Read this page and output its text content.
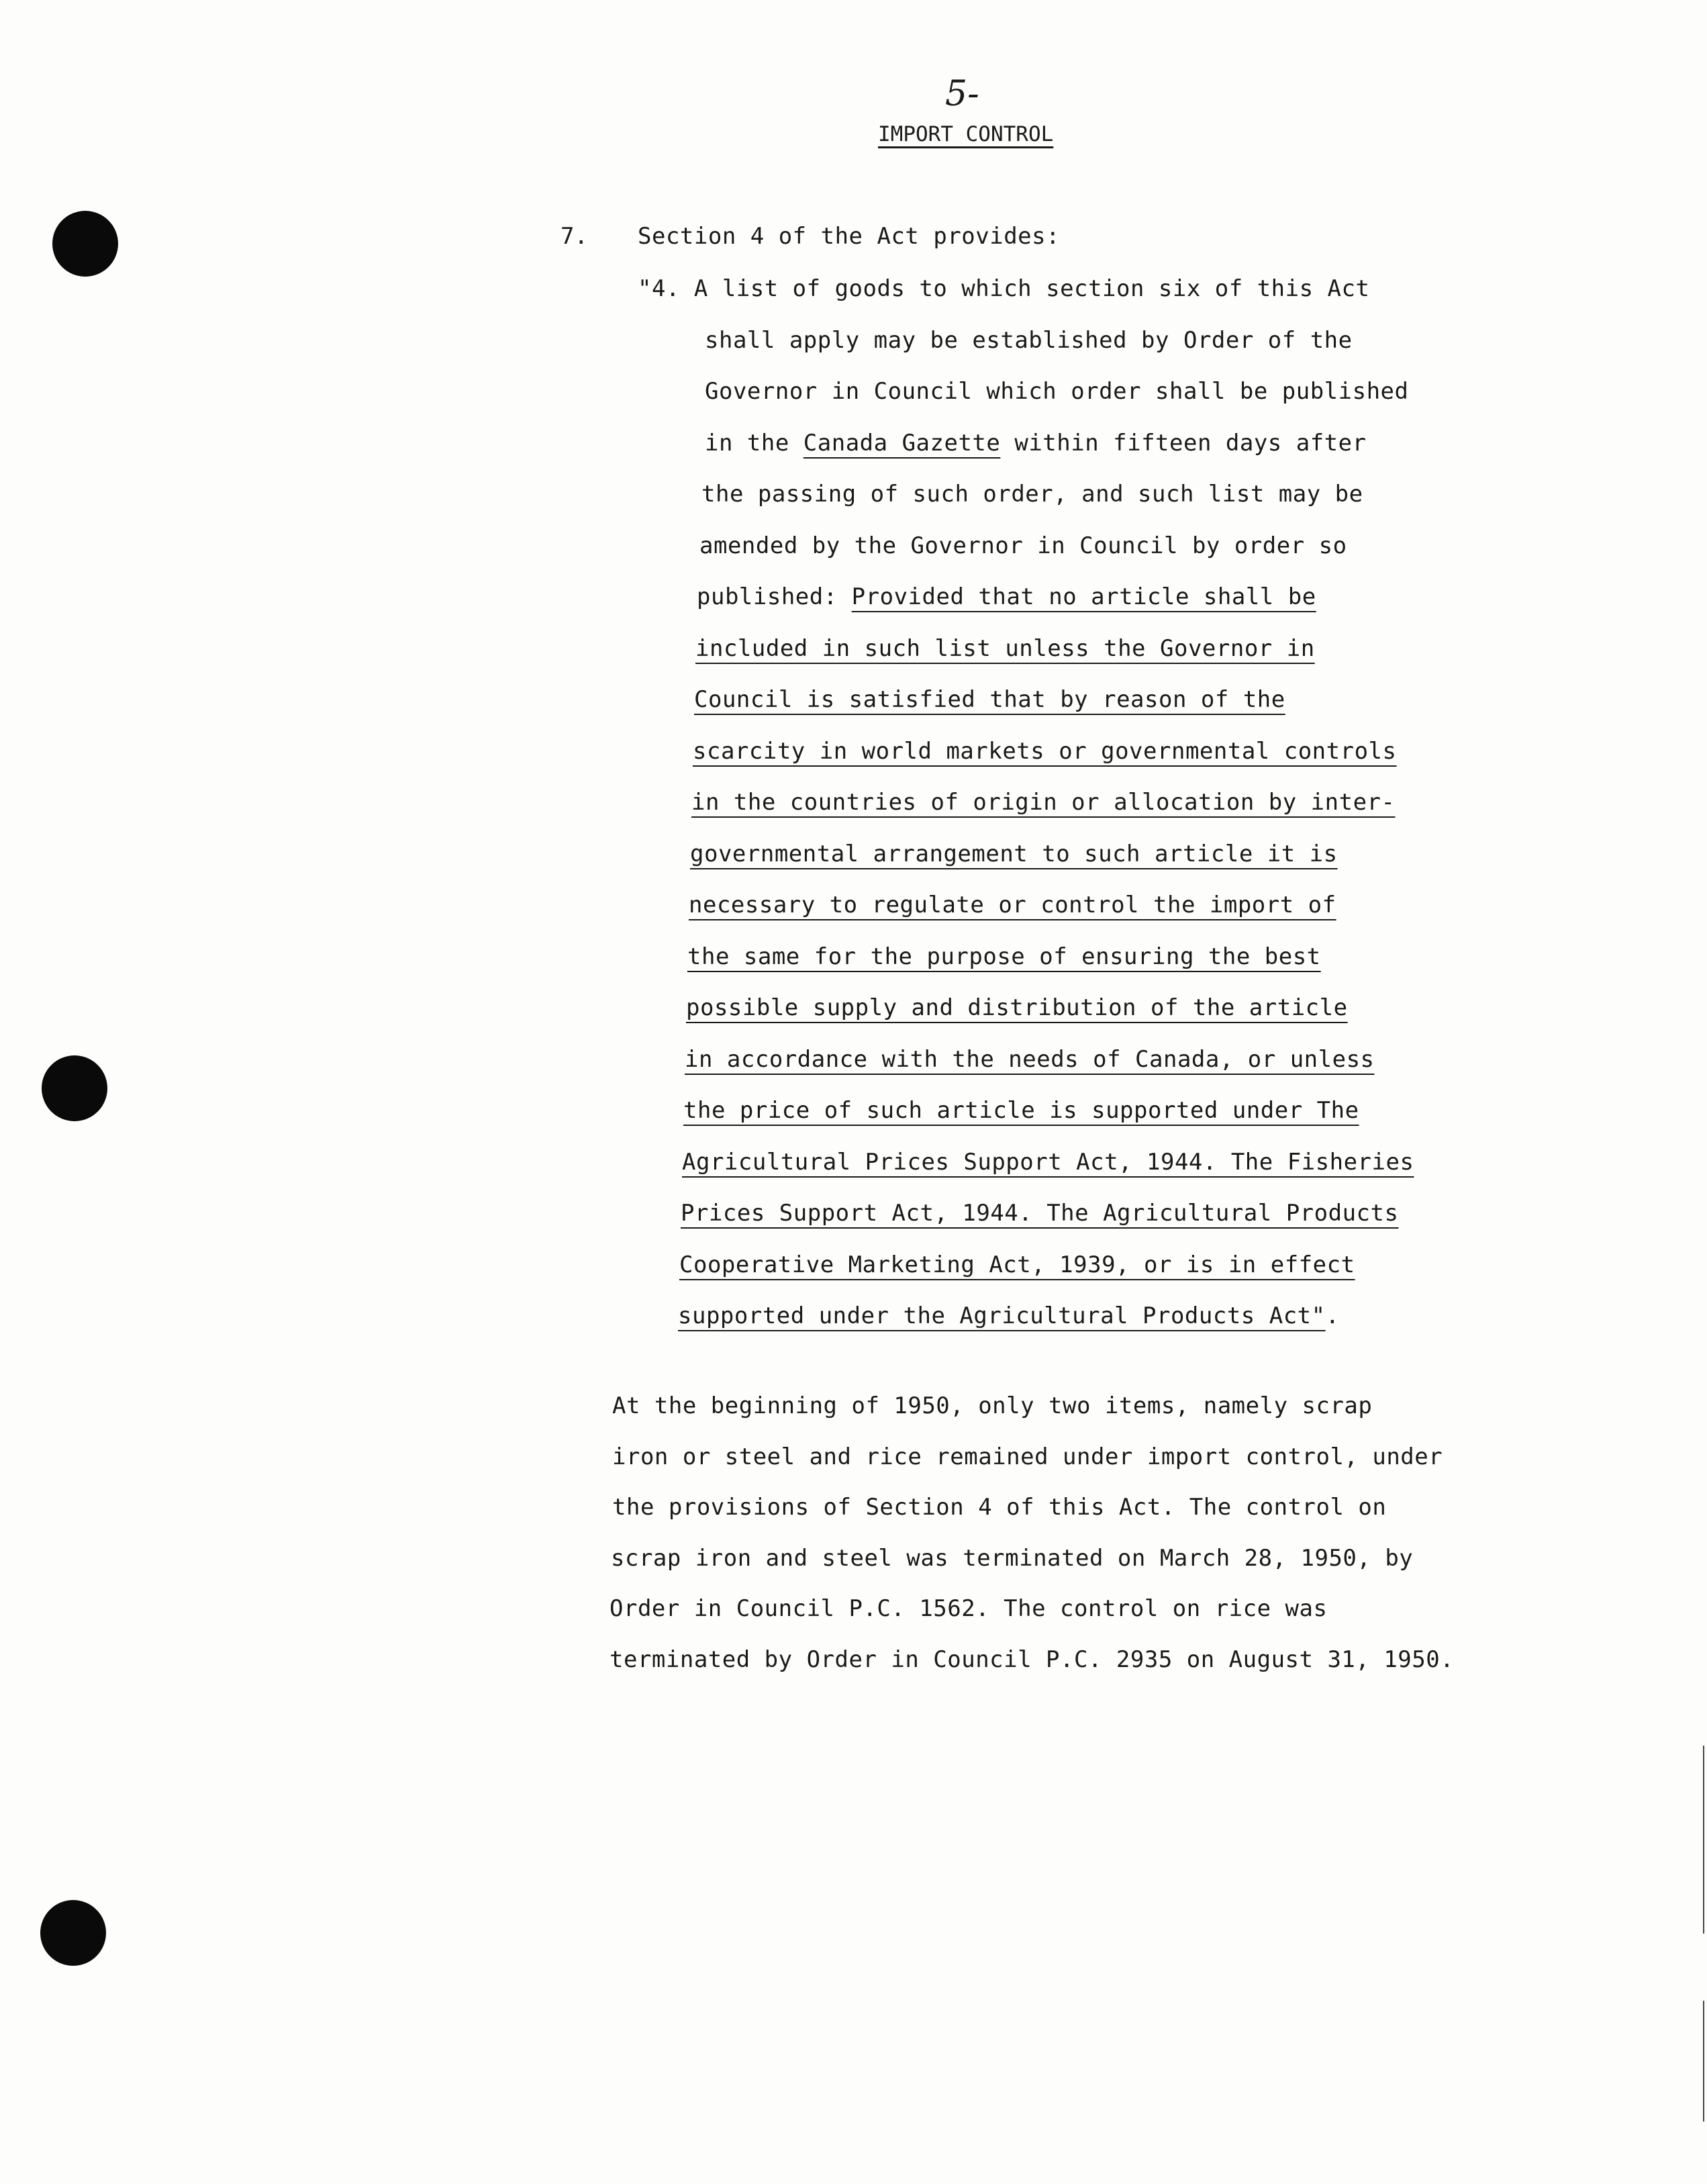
5-
IMPORT CONTROL
7. Section 4 of the Act provides:
"4. A list of goods to which section six of this Act
shall apply may be established by Order of the
Governor in Council which order shall be published
in the Canada Gazette within fifteen days after
the passing of such order, and such list may be
amended by the Governor in Council by order so
published: Provided that no article shall be
included in such list unless the Governor in
Council is satisfied that by reason of the
scarcity in world markets or governmental controls
in the countries of origin or allocation by inter-
governmental arrangement to such article it is
necessary to regulate or control the import of
the same for the purpose of ensuring the best
possible supply and distribution of the article
in accordance with the needs of Canada, or unless
the price of such article is supported under The
Agricultural Prices Support Act, 1944. The Fisheries
Prices Support Act, 1944. The Agricultural Products
Cooperative Marketing Act, 1939, or is in effect
supported under the Agricultural Products Act".
At the beginning of 1950, only two items, namely scrap
iron or steel and rice remained under import control, under
the provisions of Section 4 of this Act. The control on
scrap iron and steel was terminated on March 28, 1950, by
Order in Council P.C. 1562. The control on rice was
terminated by Order in Council P.C. 2935 on August 31, 1950.
